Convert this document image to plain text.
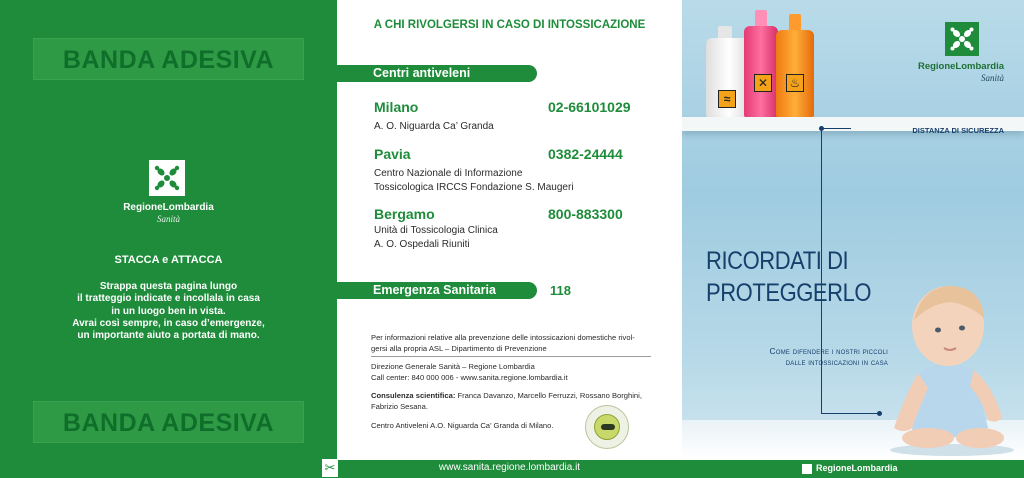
BANDA ADESIVA
RegioneLombardia
Sanità
STACCA e ATTACCA
Strappa questa pagina lungo
il tratteggio indicate e incollala in casa
in un luogo ben in vista.
Avrai così sempre, in caso d’emergenze,
un importante aiuto a portata di mano.
BANDA ADESIVA
A CHI RIVOLGERSI IN CASO DI INTOSSICAZIONE
Centri antiveleni
Milano	02-66101029
A. O. Niguarda Ca’ Granda
Pavia	0382-24444
Centro Nazionale di Informazione
Tossicologica IRCCS Fondazione S. Maugeri
Bergamo	800-883300
Unità di Tossicologia Clinica
A. O. Ospedali Riuniti
Emergenza Sanitaria	118
Per informazioni relative alla prevenzione delle intossicazioni domestiche rivol-
gersi alla propria ASL – Dipartimento di Prevenzione
Direzione Generale Sanità – Regione Lombardia
Call center: 840 000 006 - www.sanita.regione.lombardia.it
Consulenza scientifica: Franca Davanzo, Marcello Ferruzzi, Rossano Borghini,
Fabrizio Sesana.
Centro Antiveleni A.O. Niguarda Ca’ Granda di Milano.
≈
✕	♨
RegioneLombardia
Sanità
DISTANZA DI SICUREZZA
RICORDATI DI
PROTEGGERLO
Come difendere i nostri piccoli
dalle intossicazioni in casa
✂	www.sanita.regione.lombardia.it	RegioneLombardia
